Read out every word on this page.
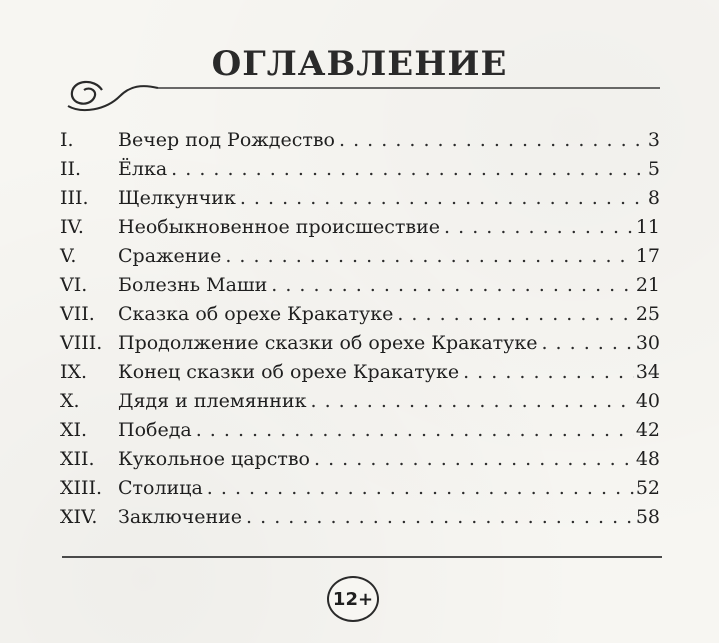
ОГЛАВЛЕНИЕ
I.	Вечер под Рождество . . .	3
II.	Ёлка . . .	5
III.	Щелкунчик . . .	8
IV.	Необыкновенное происшествие . . .	11
V.	Сражение . . .	17
VI.	Болезнь Маши . . .	21
VII.	Сказка об орехе Кракатуке . . .	25
VIII. Продолжение сказки об орехе Кракатуке . . .	30
IX.	Конец сказки об орехе Кракатуке . . .	34
X.	Дядя и племянник . . .	40
XI.	Победа . . .	42
XII.	Кукольное царство . . .	48
XIII. Столица . . .	52
XIV.	Заключение . . .	58
12+
